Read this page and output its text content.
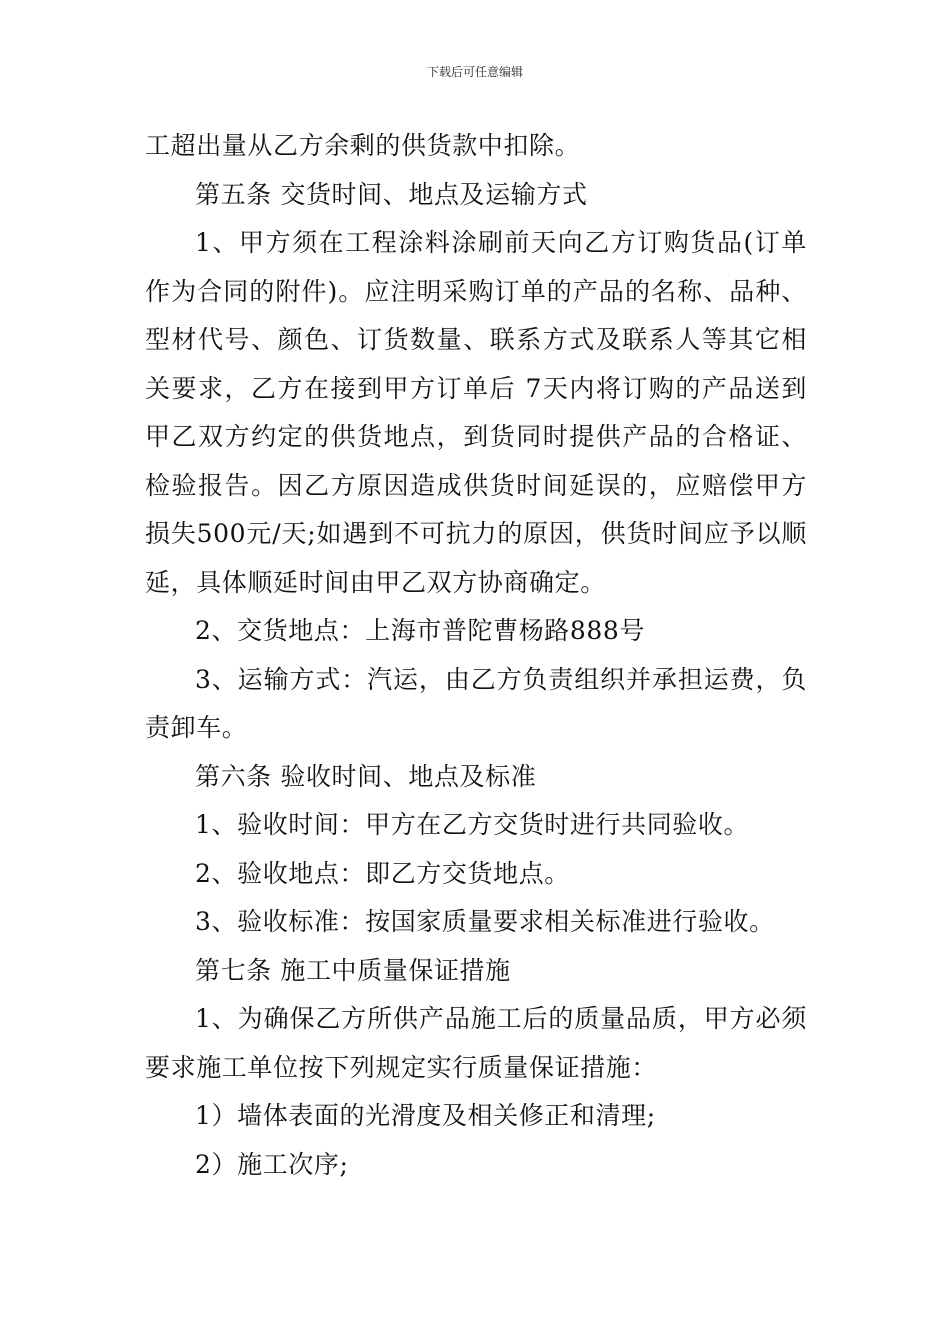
下载后可任意编辑

工超出量从乙方余剩的供货款中扣除。

第五条 交货时间、地点及运输方式

1、甲方须在工程涂料涂刷前天向乙方订购货品(订单作为合同的附件)。应注明采购订单的产品的名称、品种、型材代号、颜色、订货数量、联系方式及联系人等其它相关要求，乙方在接到甲方订单后 7天内将订购的产品送到甲乙双方约定的供货地点，到货同时提供产品的合格证、检验报告。因乙方原因造成供货时间延误的，应赔偿甲方损失500元/天;如遇到不可抗力的原因，供货时间应予以顺延，具体顺延时间由甲乙双方协商确定。

2、交货地点：上海市普陀曹杨路888号

3、运输方式：汽运，由乙方负责组织并承担运费，负责卸车。

第六条 验收时间、地点及标准

1、验收时间：甲方在乙方交货时进行共同验收。

2、验收地点：即乙方交货地点。

3、验收标准：按国家质量要求相关标准进行验收。

第七条 施工中质量保证措施

1、为确保乙方所供产品施工后的质量品质，甲方必须要求施工单位按下列规定实行质量保证措施：

1）墙体表面的光滑度及相关修正和清理;

2）施工次序;
